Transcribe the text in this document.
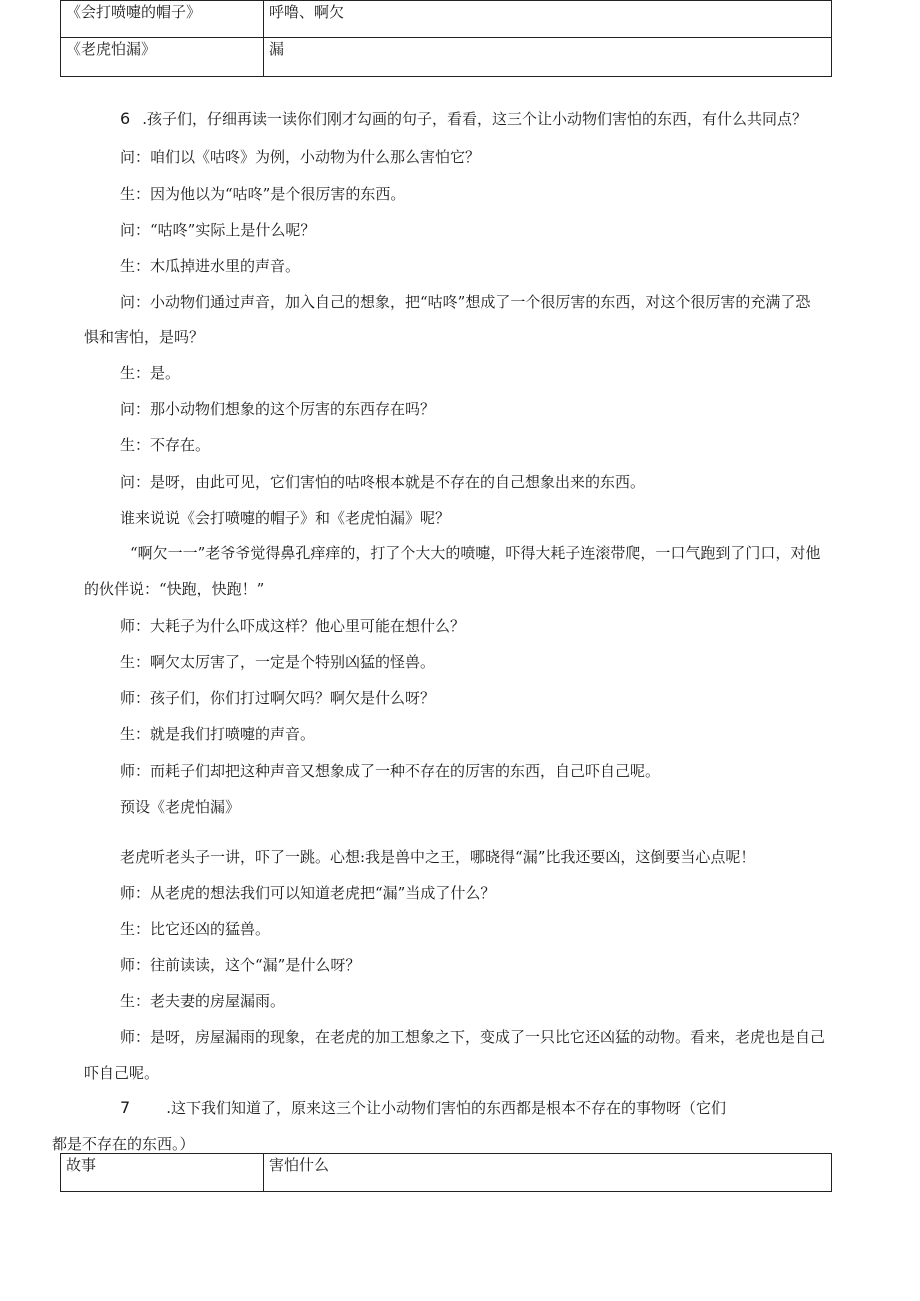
《会打喷嚏的帽子》	呼噜、啊欠
《老虎怕漏》	漏
6 .孩子们，仔细再读一读你们刚才勾画的句子，看看，这三个让小动物们害怕的东西，有什么共同点？
问：咱们以《咕咚》为例，小动物为什么那么害怕它？
生：因为他以为“咕咚”是个很厉害的东西。
问：“咕咚”实际上是什么呢？
生：木瓜掉进水里的声音。
问：小动物们通过声音，加入自己的想象，把“咕咚”想成了一个很厉害的东西，对这个很厉害的充满了恐
惧和害怕，是吗？
生：是。
问：那小动物们想象的这个厉害的东西存在吗？
生：不存在。
问：是呀，由此可见，它们害怕的咕咚根本就是不存在的自己想象出来的东西。
谁来说说《会打喷嚏的帽子》和《老虎怕漏》呢？
“啊欠一一”老爷爷觉得鼻孔痒痒的，打了个大大的喷嚏，吓得大耗子连滚带爬，一口气跑到了门口，对他
的伙伴说：“快跑，快跑！”
师：大耗子为什么吓成这样？他心里可能在想什么？
生：啊欠太厉害了，一定是个特别凶猛的怪兽。
师：孩子们，你们打过啊欠吗？啊欠是什么呀？
生：就是我们打喷嚏的声音。
师：而耗子们却把这种声音又想象成了一种不存在的厉害的东西，自己吓自己呢。
预设《老虎怕漏》
老虎听老头子一讲，吓了一跳。心想:我是兽中之王，哪晓得“漏”比我还要凶，这倒要当心点呢！
师：从老虎的想法我们可以知道老虎把“漏”当成了什么？
生：比它还凶的猛兽。
师：往前读读，这个“漏”是什么呀？
生：老夫妻的房屋漏雨。
师：是呀，房屋漏雨的现象，在老虎的加工想象之下，变成了一只比它还凶猛的动物。看来，老虎也是自己
吓自己呢。
7 .这下我们知道了，原来这三个让小动物们害怕的东西都是根本不存在的事物呀（它们
都是不存在的东西。）
故事	害怕什么
